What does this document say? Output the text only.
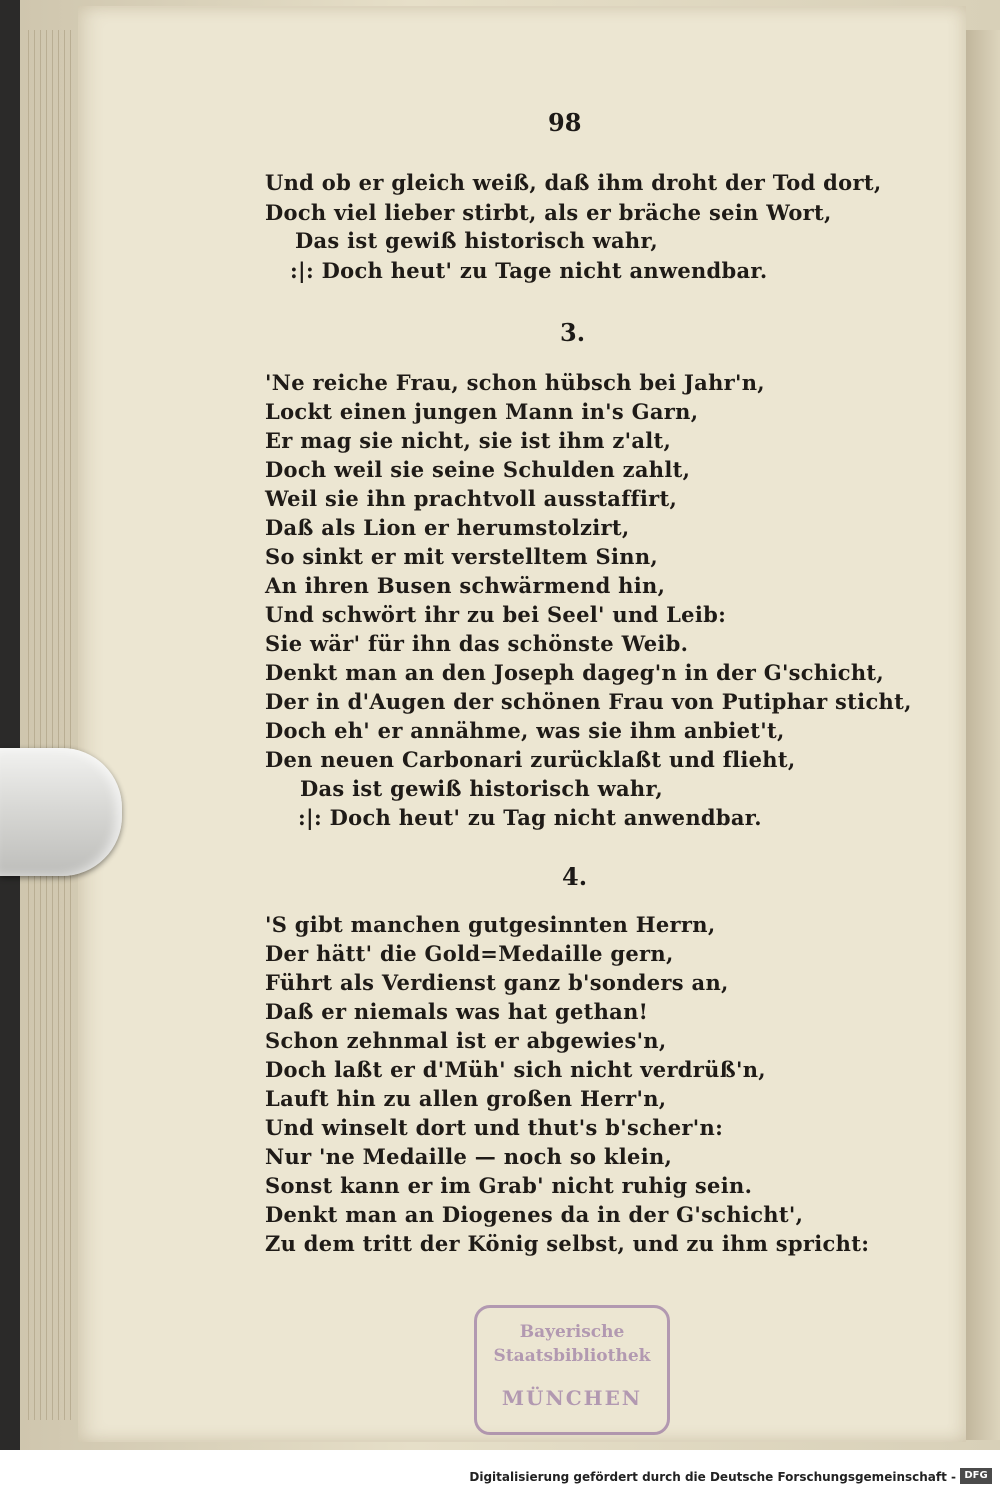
98
Und ob er gleich weiß, daß ihm droht der Tod dort,
Doch viel lieber stirbt, als er bräche sein Wort,
Das ist gewiß historisch wahr,
:|: Doch heut' zu Tage nicht anwendbar.
3.
'Ne reiche Frau, schon hübsch bei Jahr'n,
Lockt einen jungen Mann in's Garn,
Er mag sie nicht, sie ist ihm z'alt,
Doch weil sie seine Schulden zahlt,
Weil sie ihn prachtvoll ausstaffirt,
Daß als Lion er herumstolzirt,
So sinkt er mit verstelltem Sinn,
An ihren Busen schwärmend hin,
Und schwört ihr zu bei Seel' und Leib:
Sie wär' für ihn das schönste Weib.
Denkt man an den Joseph dageg'n in der G'schicht,
Der in d'Augen der schönen Frau von Putiphar sticht,
Doch eh' er annähme, was sie ihm anbiet't,
Den neuen Carbonari zurücklaßt und flieht,
Das ist gewiß historisch wahr,
:|: Doch heut' zu Tag nicht anwendbar.
4.
'S gibt manchen gutgesinnten Herrn,
Der hätt' die Gold=Medaille gern,
Führt als Verdienst ganz b'sonders an,
Daß er niemals was hat gethan!
Schon zehnmal ist er abgewies'n,
Doch laßt er d'Müh' sich nicht verdrüß'n,
Lauft hin zu allen großen Herr'n,
Und winselt dort und thut's b'scher'n:
Nur 'ne Medaille — noch so klein,
Sonst kann er im Grab' nicht ruhig sein.
Denkt man an Diogenes da in der G'schicht',
Zu dem tritt der König selbst, und zu ihm spricht:
Bayerische
Staatsbibliothek
MÜNCHEN
Digitalisierung gefördert durch die Deutsche Forschungsgemeinschaft - DFG
